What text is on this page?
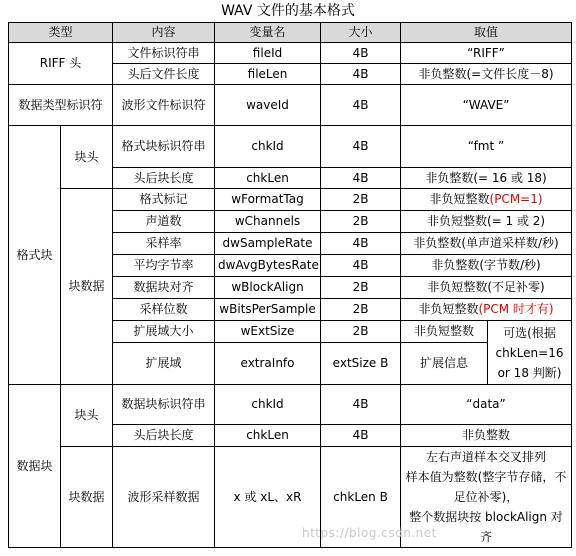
WAV 文件的基本格式
类型		内容	变量名	大小	取值	
RIFF 头		文件标识符串	fileId	4B	“RIFF”	
		头后文件长度	fileLen	4B	非负整数(=文件长度－8)	
数据类型标识符		波形文件标识符	waveId	4B	“WAVE”	
格式块	块头	格式块标识符串	chkId	4B	“fmt ”	
		头后块长度	chkLen	4B	非负整数(= 16 或 18)	
	块数据	格式标记	wFormatTag	2B	非负短整数(PCM=1)	
		声道数	wChannels	2B	非负短整数(= 1 或 2)	
		采样率	dwSampleRate	4B	非负整数(单声道采样数/秒)	
		平均字节率	dwAvgBytesRate	4B	非负整数(字节数/秒)	
		数据块对齐	wBlockAlign	2B	非负短整数(不足补零)	
		采样位数	wBitsPerSample	2B	非负短整数(PCM 时才有)	
		扩展域大小	wExtSize	2B	非负短整数	可选(根据 chkLen=16 or 18 判断)
		扩展域	extraInfo	extSize B	扩展信息	
数据块	块头	数据块标识符串	chkId	4B	“data”	
		头后块长度	chkLen	4B	非负整数	
	块数据	波形采样数据	x 或 xL、xR	chkLen B	左右声道样本交叉排列
样本值为整数(整字节存储，不足位补零)，
整个数据块按 blockAlign 对齐	
https://blog.csdn.net
